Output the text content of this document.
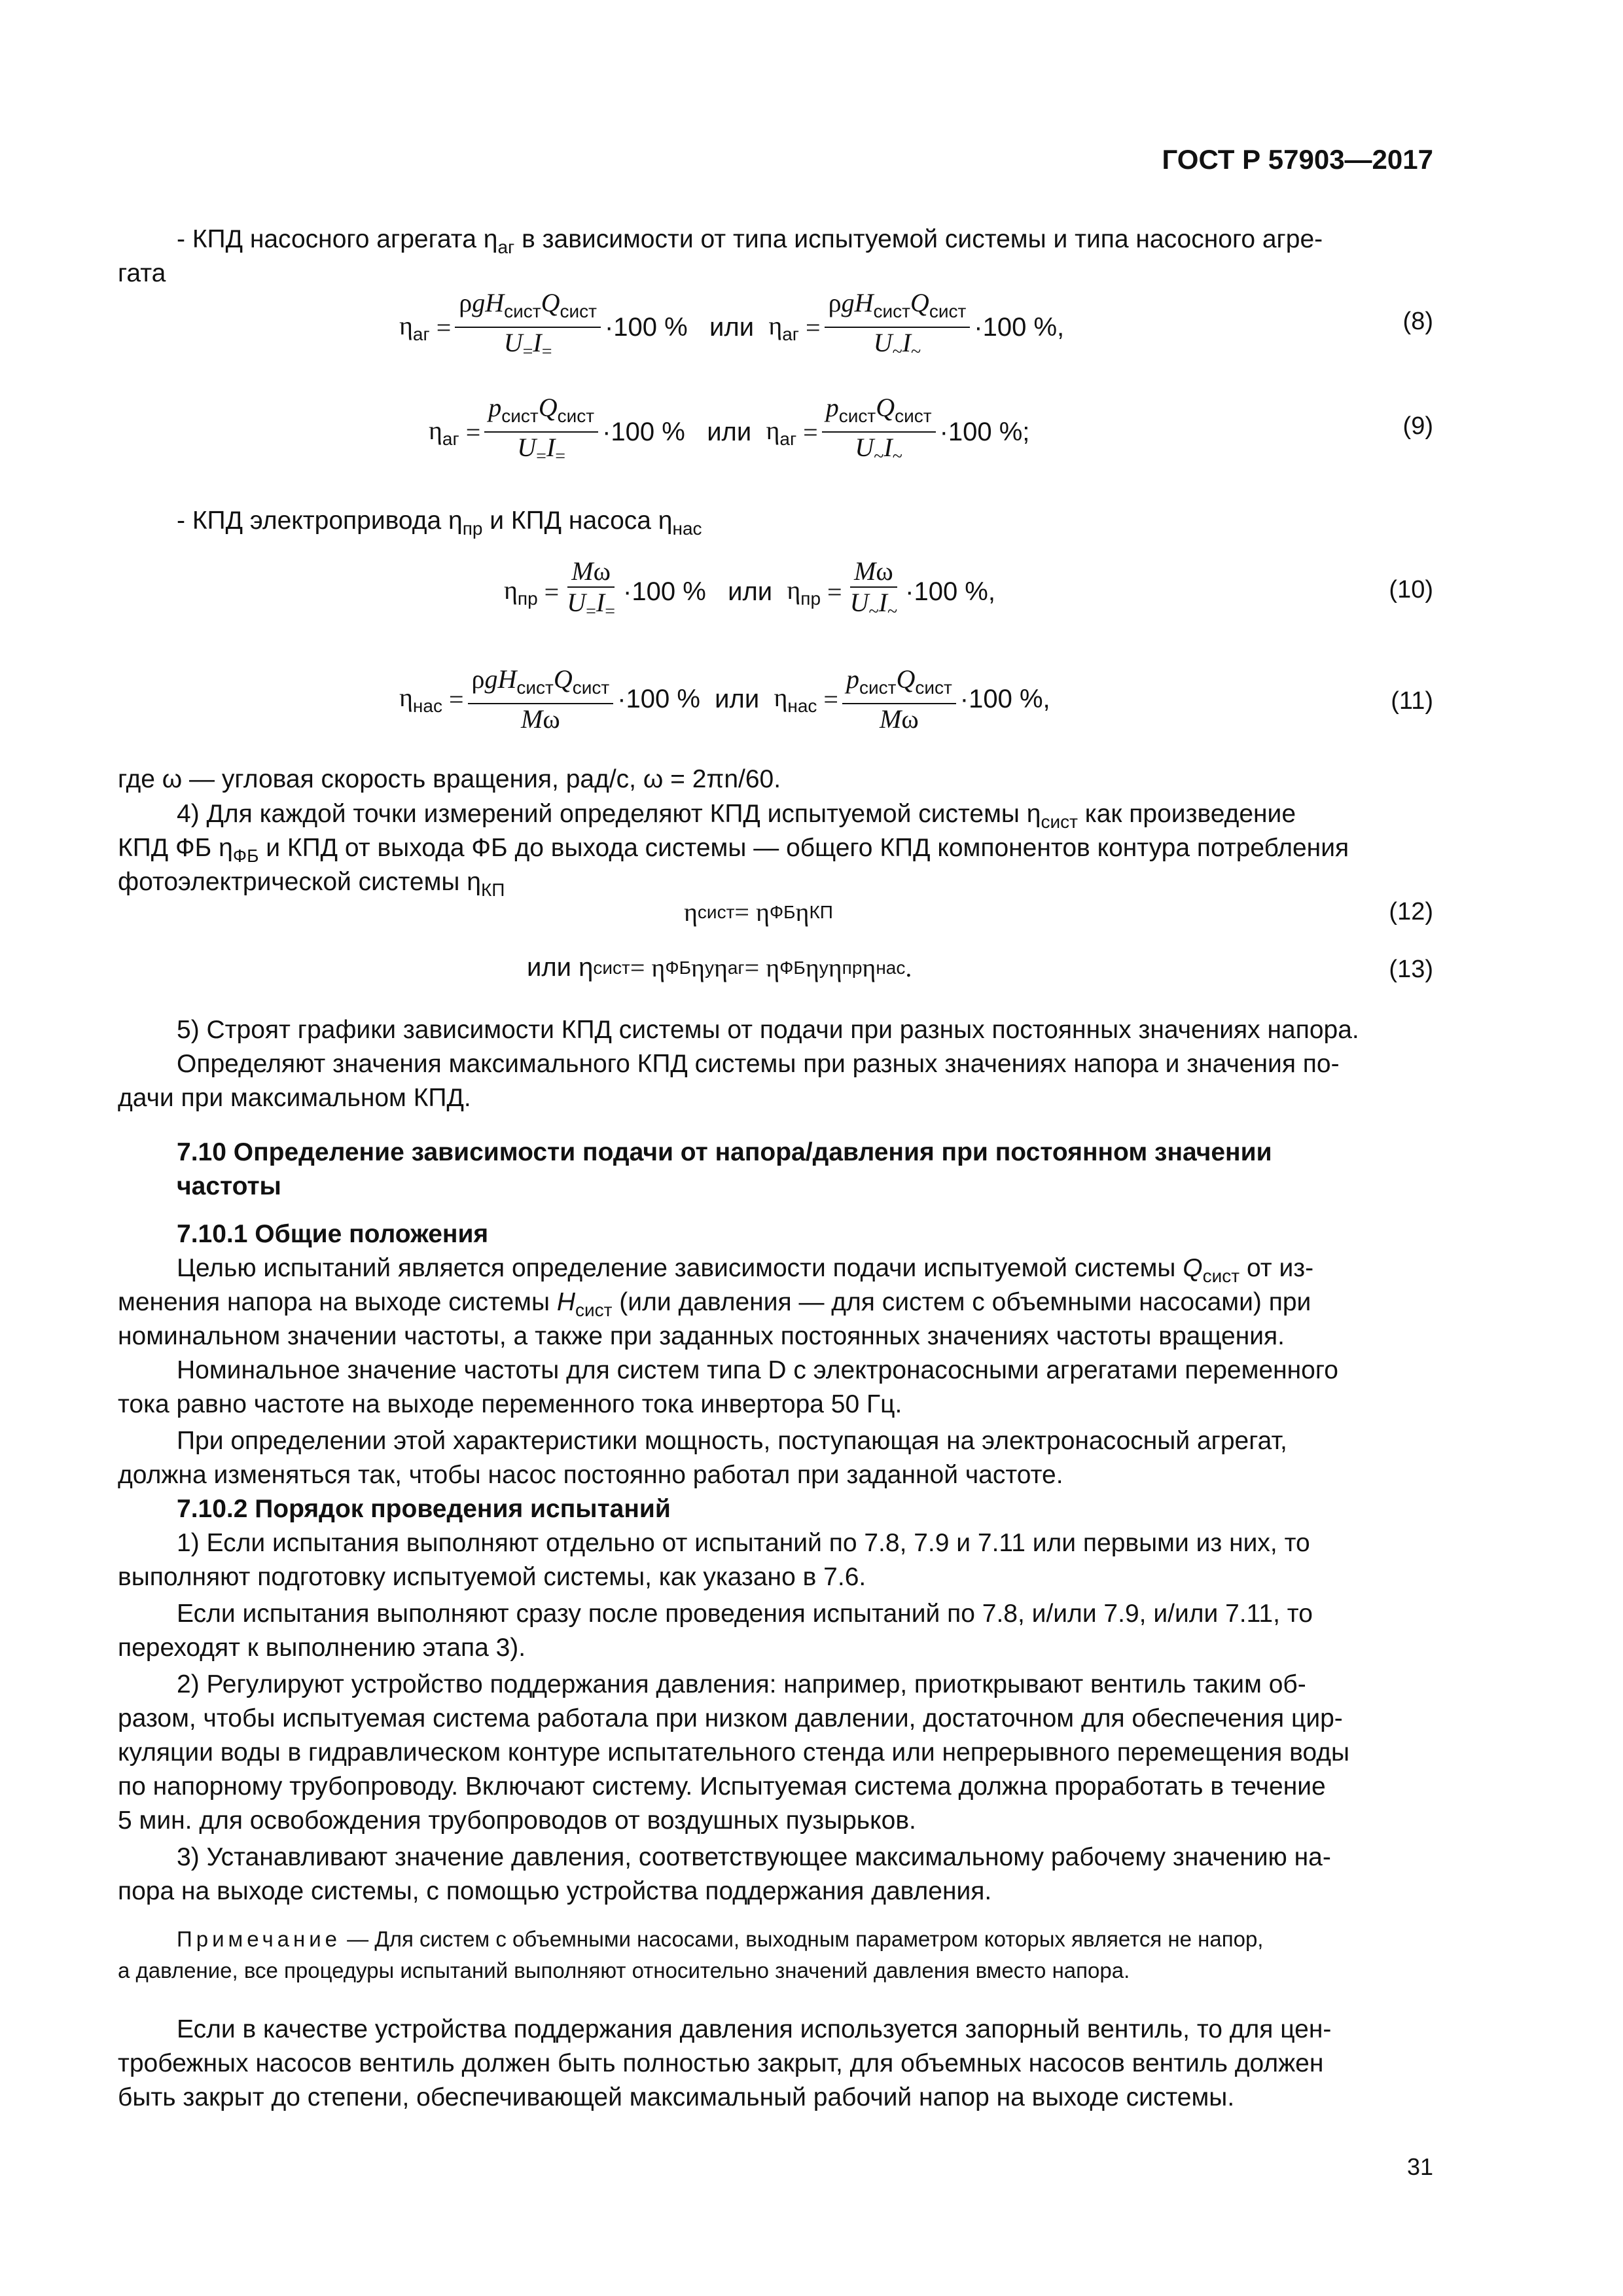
ГОСТ Р 57903—2017
- КПД насосного агрегата $\eta_{аг}$ в зависимости от типа испытуемой системы и типа насосного агре-
гата
$\eta_{аг} = \frac{\rho gH_{сист}Q_{сист}}{U_=I_=} \cdot 100$ %   или $\eta_{аг} = \frac{\rho gH_{сист}Q_{сист}}{U_\sim I_\sim} \cdot 100$ %,	(8)
$\eta_{аг} = \frac{p_{сист}Q_{сист}}{U_=I_=} \cdot 100$ %   или $\eta_{аг} = \frac{p_{сист}Q_{сист}}{U_\sim I_\sim} \cdot 100$ %;	(9)
- КПД электропривода $\eta_{пр}$ и КПД насоса $\eta_{нас}$
$\eta_{пр} = \frac{M\omega}{U_=I_=} \cdot 100$ %   или $\eta_{пр} = \frac{M\omega}{U_\sim I_\sim} \cdot 100$ %,	(10)
$\eta_{нас} = \frac{\rho gH_{сист}Q_{сист}}{M\omega} \cdot 100$ %  или $\eta_{нас} = \frac{p_{сист}Q_{сист}}{M\omega} \cdot 100$ %,	(11)
где ω — угловая скорость вращения, рад/с, ω = 2πn/60.
4) Для каждой точки измерений определяют КПД испытуемой системы $\eta_{сист}$ как произведение
КПД ФБ $\eta_{ФБ}$ и КПД от выхода ФБ до выхода системы — общего КПД компонентов контура потребления
фотоэлектрической системы $\eta_{КП}$
η сист = η ФБ η КП	(12)
или η сист = η ФБ η у η аг = η ФБ η у η пр η нас .	(13)
5) Строят графики зависимости КПД системы от подачи при разных постоянных значениях напора.
Определяют значения максимального КПД системы при разных значениях напора и значения по-
дачи при максимальном КПД.
7.10 Определение зависимости подачи от напора/давления при постоянном значении
частоты
7.10.1 Общие положения
Целью испытаний является определение зависимости подачи испытуемой системы $Q_{сист}$ от из-
менения напора на выходе системы $H_{сист}$ (или давления — для систем с объемными насосами) при
номинальном значении частоты, а также при заданных постоянных значениях частоты вращения.
Номинальное значение частоты для систем типа D с электронасосными агрегатами переменного
тока равно частоте на выходе переменного тока инвертора 50 Гц.
При определении этой характеристики мощность, поступающая на электронасосный агрегат,
должна изменяться так, чтобы насос постоянно работал при заданной частоте.
7.10.2 Порядок проведения испытаний
1) Если испытания выполняют отдельно от испытаний по 7.8, 7.9 и 7.11 или первыми из них, то
выполняют подготовку испытуемой системы, как указано в 7.6.
Если испытания выполняют сразу после проведения испытаний по 7.8, и/или 7.9, и/или 7.11, то
переходят к выполнению этапа 3).
2) Регулируют устройство поддержания давления: например, приоткрывают вентиль таким об-
разом, чтобы испытуемая система работала при низком давлении, достаточном для обеспечения цир-
куляции воды в гидравлическом контуре испытательного стенда или непрерывного перемещения воды
по напорному трубопроводу. Включают систему. Испытуемая система должна проработать в течение
5 мин. для освобождения трубопроводов от воздушных пузырьков.
3) Устанавливают значение давления, соответствующее максимальному рабочему значению на-
пора на выходе системы, с помощью устройства поддержания давления.
Примечание — Для систем с объемными насосами, выходным параметром которых является не напор,
а давление, все процедуры испытаний выполняют относительно значений давления вместо напора.
Если в качестве устройства поддержания давления используется запорный вентиль, то для цен-
тробежных насосов вентиль должен быть полностью закрыт, для объемных насосов вентиль должен
быть закрыт до степени, обеспечивающей максимальный рабочий напор на выходе системы.
31
